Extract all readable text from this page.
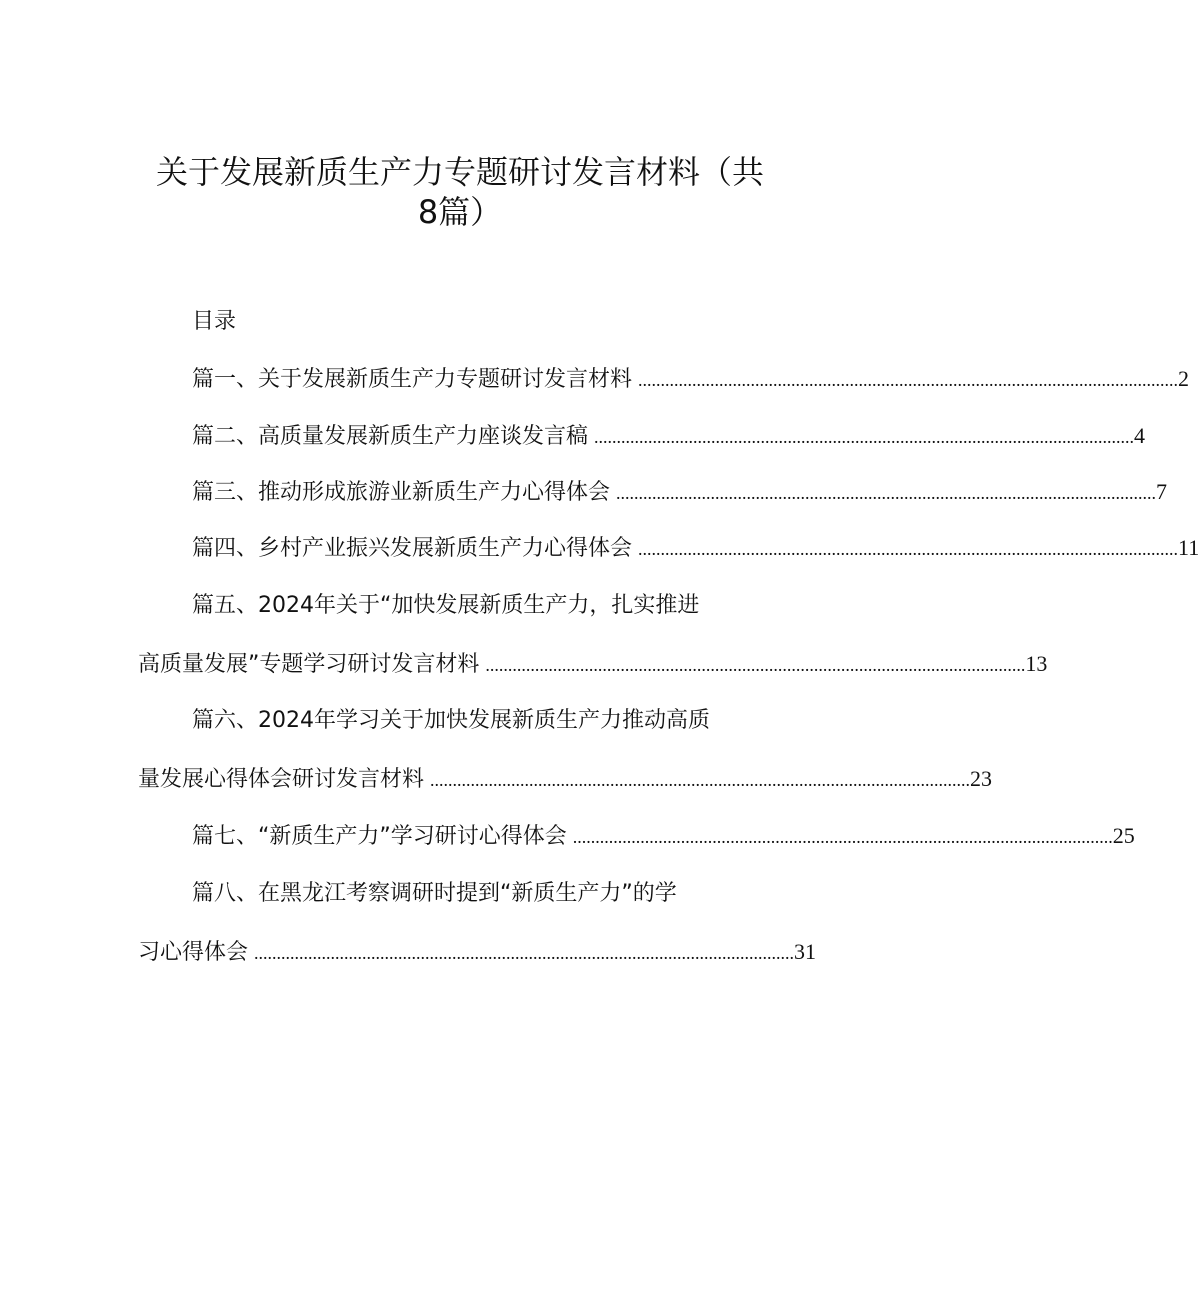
关于发展新质生产力专题研讨发言材料（共
8篇）
目录
篇一、关于发展新质生产力专题研讨发言材料 ........................................................................................................................ 2
篇二、高质量发展新质生产力座谈发言稿 ........................................................................................................................ 4
篇三、推动形成旅游业新质生产力心得体会 ........................................................................................................................ 7
篇四、乡村产业振兴发展新质生产力心得体会 ........................................................................................................................ 11
篇五、2024年关于“加快发展新质生产力，扎实推进
高质量发展”专题学习研讨发言材料 ........................................................................................................................ 13
篇六、2024年学习关于加快发展新质生产力推动高质
量发展心得体会研讨发言材料 ........................................................................................................................ 23
篇七、“新质生产力”学习研讨心得体会 ........................................................................................................................ 25
篇八、在黑龙江考察调研时提到“新质生产力”的学
习心得体会 ........................................................................................................................ 31
